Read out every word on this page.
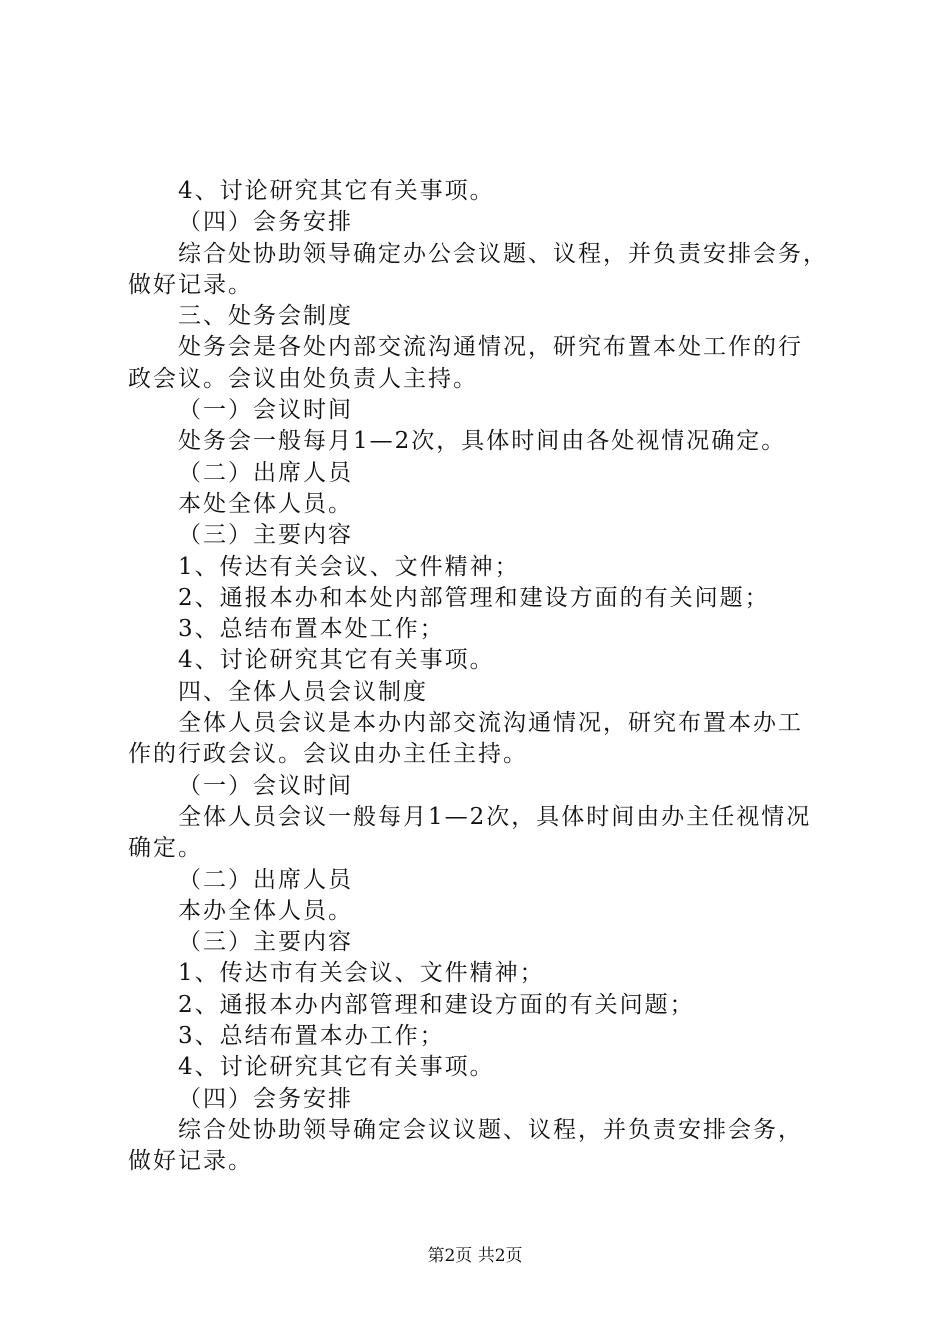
4、讨论研究其它有关事项。
（四）会务安排
综合处协助领导确定办公会议题、议程，并负责安排会务，
做好记录。
三、处务会制度
处务会是各处内部交流沟通情况，研究布置本处工作的行
政会议。会议由处负责人主持。
（一）会议时间
处务会一般每月1—2次，具体时间由各处视情况确定。
（二）出席人员
本处全体人员。
（三）主要内容
1、传达有关会议、文件精神；
2、通报本办和本处内部管理和建设方面的有关问题；
3、总结布置本处工作；
4、讨论研究其它有关事项。
四、全体人员会议制度
全体人员会议是本办内部交流沟通情况，研究布置本办工
作的行政会议。会议由办主任主持。
（一）会议时间
全体人员会议一般每月1—2次，具体时间由办主任视情况
确定。
（二）出席人员
本办全体人员。
（三）主要内容
1、传达市有关会议、文件精神；
2、通报本办内部管理和建设方面的有关问题；
3、总结布置本办工作；
4、讨论研究其它有关事项。
（四）会务安排
综合处协助领导确定会议议题、议程，并负责安排会务，
做好记录。
第2页 共2页
